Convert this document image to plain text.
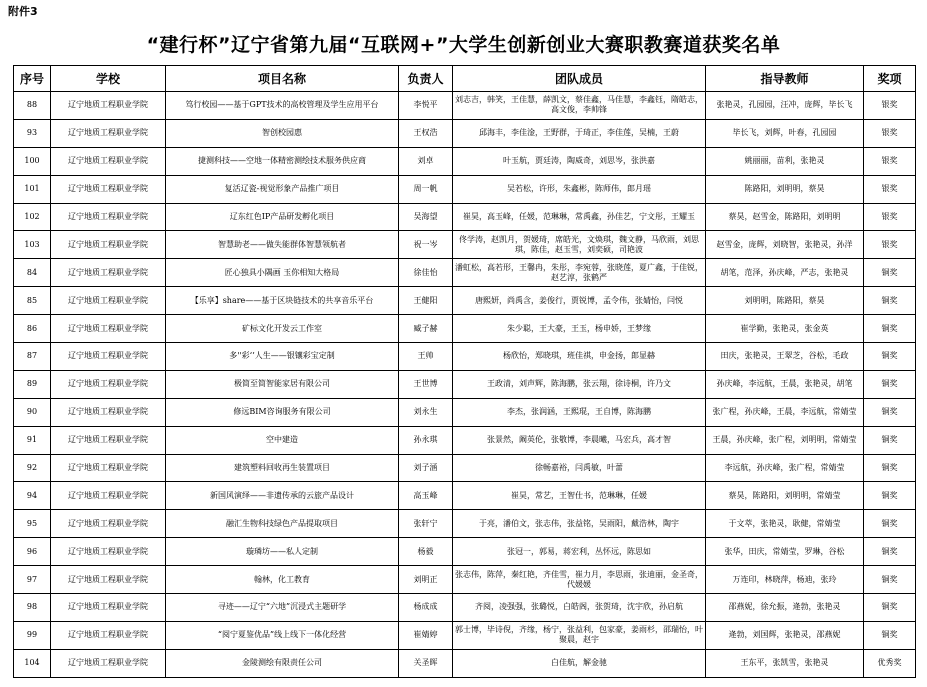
附件3
“建行杯”辽宁省第九届“互联网+”大学生创新创业大赛职教赛道获奖名单
序号	学校	项目名称	负责人	团队成员	指导教师	奖项
88	辽宁地质工程职业学院	笃行校园——基于GPT技术的高校管理及学生应用平台	李悦平	刘志吉，韩笑，王佳慧，薛凯文，蔡佳鑫，马佳慧，李鑫钰，隋皓志，高文俊，李帅锋	张艳灵，孔园园，汪冲，庞辉，毕长飞	银奖
93	辽宁地质工程职业学院	智创校园惠	王权浩	邱海丰，李佳淦，王野群，于琦正，李佳莲，吴楠，王蔚	毕长飞，刘辉，叶春，孔园园	银奖
100	辽宁地质工程职业学院	捷测科技——空地一体精密测绘技术服务供应商	刘卓	叶玉航，贾廷涛，陶威奇，刘思岑，张洪嘉	姚丽丽，苗利，张艳灵	银奖
101	辽宁地质工程职业学院	复活辽瓷-视觉形象产品推广项目	周一帆	吴若松，许形，朱鑫彬，陈师伟，郎月瑶	陈路阳，刘明明，蔡昊	银奖
102	辽宁地质工程职业学院	辽东红色IP产品研发孵化项目	吴海望	崔昊，高玉峰，任媛，范琳琳，常禹鑫，孙佳艺，宁文彤，王耀玉	蔡昊，赵雪金，陈路阳，刘明明	银奖
103	辽宁地质工程职业学院	智慧助老——做失能群体智慧领航者	祝一岑	佟学涛，赵凯月，贺媛琦，席皓光，文焕琪，魏文静，马欣雨，刘思琪，陈佳，赵玉雪，刘奕硕，司艳波	赵雪金，庞辉，刘晓智，张艳灵，孙洋	银奖
84	辽宁地质工程职业学院	匠心独具小隅画 玉你相知大格局	徐佳怡	潘虹松，高若形，王馨冉，朱彤，李宛蓉，张晓莲，夏广鑫，于佳锐，赵艺淳，张鹤严	胡笔，范泽，孙庆峰，严志，张艳灵	铜奖
85	辽宁地质工程职业学院	【乐享】share——基于区块链技术的共享音乐平台	王健阳	唐熙妍，尚禹含，姜俊行，贾锐博，孟令伟，张婧怡，闫悦	刘明明，陈路阳，蔡昊	铜奖
86	辽宁地质工程职业学院	矿标文化开发云工作室	臧子赫	朱少聪，王大豪，王玉，杨申娇，王梦缘	崔学勤，张艳灵，张金英	铜奖
87	辽宁地质工程职业学院	多''彩‘’人生——银镶彩宝定制	王帅	杨欣怡，郑晓琪，班佳祺，申金扬，郎显赫	田庆，张艳灵，王翠芝，谷松，毛政	铜奖
89	辽宁地质工程职业学院	极简至简智能家居有限公司	王世博	王政清，刘声辉，陈海鹏，张云翔，徐诗桐，许乃文	孙庆峰，李远航，王晨，张艳灵，胡笔	铜奖
90	辽宁地质工程职业学院	修远BIM咨询服务有限公司	刘永生	李杰，张润涵，王熙琨，王自博，陈海鹏	张广程，孙庆峰，王晨，李远航，常婧莹	铜奖
91	辽宁地质工程职业学院	空中建造	孙永琪	张景然，阚英伦，张敬博，李晨曦，马宏兵，高才智	王晨，孙庆峰，张广程，刘明明，常婧莹	铜奖
92	辽宁地质工程职业学院	建筑塑料回收再生装置项目	刘子涵	徐畅嘉裕，闫禹敏，叶蕾	李远航，孙庆峰，张广程，常婧莹	铜奖
94	辽宁地质工程职业学院	新国风演绎——非遗传承的云旅产品设计	高玉峰	崔昊，常艺，王智仕书，范琳琳，任媛	蔡昊，陈路阳，刘明明，常婧莹	铜奖
95	辽宁地质工程职业学院	融汇生物科技绿色产品提取项目	张轩宁	于亮，潘伯文，张志伟，张益铭，吴雨阳，戴浩林，陶宇	于文萃，张艳灵，耿健，常婧莹	铜奖
96	辽宁地质工程职业学院	璇璘坊——私人定制	杨毅	张冠一，郭易，蒋宏利，丛怀远，陈思如	张华，田庆，常婧莹，罗琳，谷松	铜奖
97	辽宁地质工程职业学院	翰林，化工教育	刘明正	张志伟，陈萍，秦红艳，齐佳雪，崔力月，李思雨，张迪丽，金圣奇，代媛媛	万连印，林晓萍，杨迪，张玲	铜奖
98	辽宁地质工程职业学院	寻迹——辽宁“六地”沉浸式主题研学	杨成成	齐阅，凌强强，张璐悦，白皓阁，张贺琦，沈宇欣，孙启航	邵燕妮，徐允振，逄勃，张艳灵	铜奖
99	辽宁地质工程职业学院	“阅宁夏鉴优品”线上线下一体化经营	崔婧婷	郭士博，毕诗倪，齐缘，杨宁，张益利，包家豪，姜雨杉，邵瑞怡，叶聚晨，赵宇	逄勃，刘国辉，张艳灵，邵燕妮	铜奖
104	辽宁地质工程职业学院	金陵测绘有限责任公司	关圣晖	白佳航，解金驰	王东平，张凯雪，张艳灵	优秀奖
